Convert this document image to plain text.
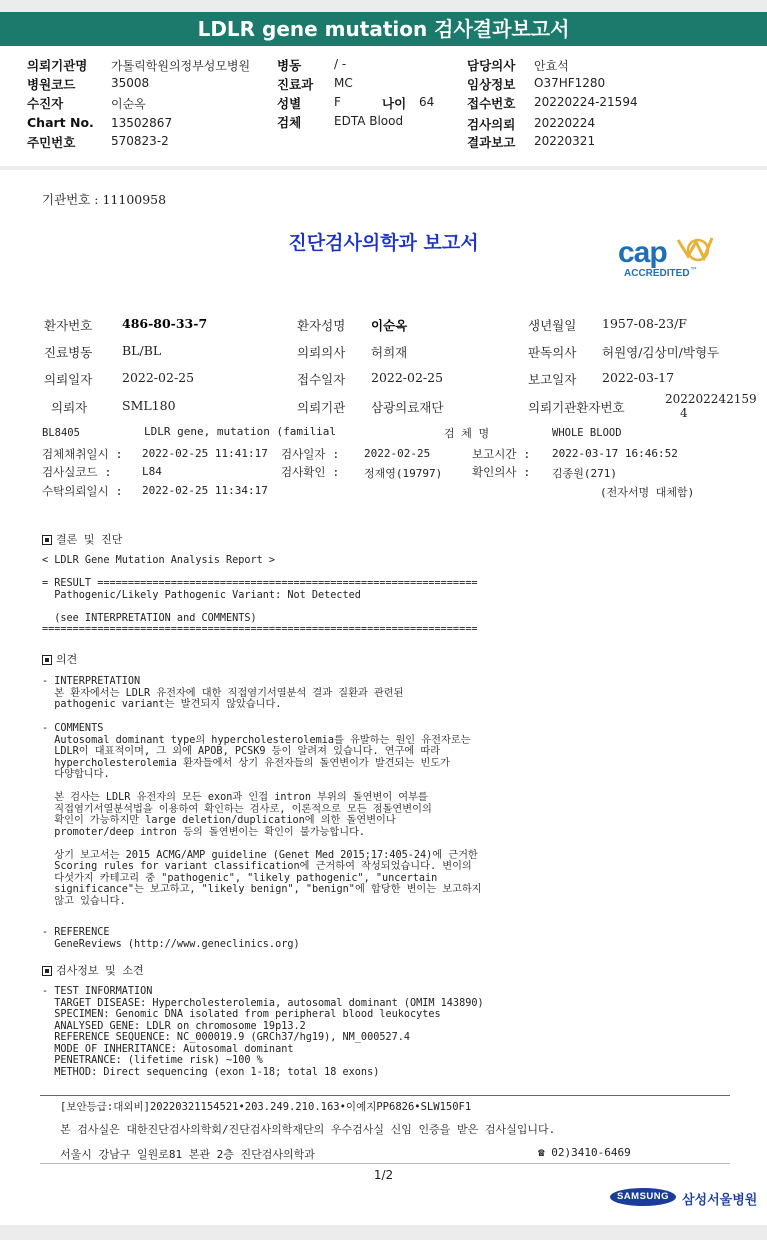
LDLR gene mutation 검사결과보고서
의뢰기관명 가톨릭학원의정부성모병원
병원코드	35008
수진자	이순옥
Chart No. 13502867
주민번호	570823-2
병동	/ -
진료과 MC
성별	F	나이 64
검체	EDTA Blood
담당의사 안효석
임상정보 O37HF1280
접수번호 20220224-21594
검사의뢰 20220224
결과보고 20220321
기관번호 : 11100958
진단검사의학과 보고서	cap
ACCREDITED ™
환자번호 486-80-33-7	환자성명 이순옥	생년월일 1957-08-23/F
진료병동 BL/BL	의뢰의사 허희재	판독의사 허원영/김상미/박형두
의뢰일자 2022-02-25	접수일자 2022-02-25	보고일자 2022-03-17
의뢰자	SML180	의뢰기관 삼광의료재단	의뢰기관환자번호
202202242159
4
BL8405	LDLR gene, mutation (familial	검 체 명	WHOLE BLOOD
검체채취일시 : 2022-02-25 11:41:17 검사일자 : 2022-02-25	보고시간 : 2022-03-17 16:46:52
검사실코드 :	L84	검사확인 : 정재영(19797)	확인의사 : 김종원(271)
수탁의뢰일시 : 2022-02-25 11:34:17	(전자서명 대체함)
결론 및 진단
< LDLR Gene Mutation Analysis Report >

= RESULT ==============================================================
Pathogenic/Likely Pathogenic Variant: Not Detected

(see INTERPRETATION and COMMENTS)
=======================================================================
의견
- INTERPRETATION
본 환자에서는 LDLR 유전자에 대한 직접염기서열분석 결과 질환과 관련된
pathogenic variant는 발견되지 않았습니다.
- COMMENTS
Autosomal dominant type의 hypercholesterolemia를 유발하는 원인 유전자로는
LDLR이 대표적이며, 그 외에 APOB, PCSK9 등이 알려져 있습니다. 연구에 따라
hypercholesterolemia 환자들에서 상기 유전자들의 돌연변이가 발견되는 빈도가
다양합니다.

본 검사는 LDLR 유전자의 모든 exon과 인접 intron 부위의 돌연변이 여부를
직접염기서열분석법을 이용하여 확인하는 검사로, 이론적으로 모든 점돌연변이의
확인이 가능하지만 large deletion/duplication에 의한 돌연변이나
promoter/deep intron 등의 돌연변이는 확인이 불가능합니다.

상기 보고서는 2015 ACMG/AMP guideline (Genet Med 2015;17:405-24)에 근거한
Scoring rules for variant classification에 근거하여 작성되었습니다. 변이의
다섯가지 카테고리 중 "pathogenic", "likely pathogenic", "uncertain
significance"는 보고하고, "likely benign", "benign"에 합당한 변이는 보고하지
않고 있습니다.
- REFERENCE
GeneReviews (http://www.geneclinics.org)
검사정보 및 소견
- TEST INFORMATION
TARGET DISEASE: Hypercholesterolemia, autosomal dominant (OMIM 143890)
SPECIMEN: Genomic DNA isolated from peripheral blood leukocytes
ANALYSED GENE: LDLR on chromosome 19p13.2
REFERENCE SEQUENCE: NC_000019.9 (GRCh37/hg19), NM_000527.4
MODE OF INHERITANCE: Autosomal dominant
PENETRANCE: (lifetime risk) ~100 %
METHOD: Direct sequencing (exon 1-18; total 18 exons)
[보안등급:대외비]20220321154521•203.249.210.163•이예지PP6826•SLW150F1
본 검사실은 대한진단검사의학회/진단검사의학재단의 우수검사실 신임 인증을 받은 검사실입니다.
서울시 강남구 일원로81 본관 2층 진단검사의학과	☎ 02)3410-6469
1/2
SAMSUNG 삼성서울병원
